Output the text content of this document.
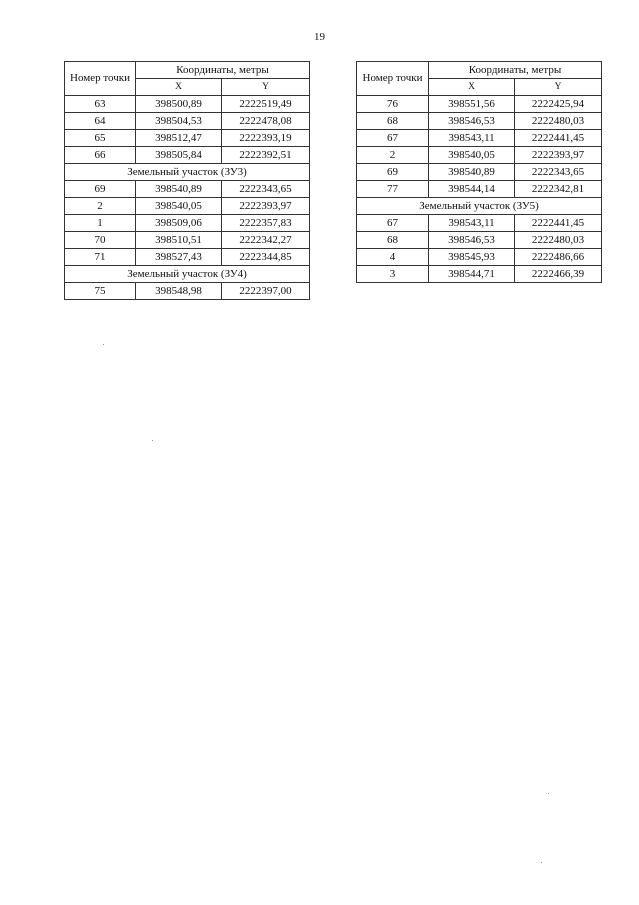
19
Номер точки	Координаты, метры	
	X	Y
63	398500,89	2222519,49
64	398504,53	2222478,08
65	398512,47	2222393,19
66	398505,84	2222392,51
Земельный участок (ЗУ3)		
69	398540,89	2222343,65
2	398540,05	2222393,97
1	398509,06	2222357,83
70	398510,51	2222342,27
71	398527,43	2222344,85
Земельный участок (ЗУ4)		
75	398548,98	2222397,00
Номер точки	Координаты, метры	
	X	Y
76	398551,56	2222425,94
68	398546,53	2222480,03
67	398543,11	2222441,45
2	398540,05	2222393,97
69	398540,89	2222343,65
77	398544,14	2222342,81
Земельный участок (ЗУ5)		
67	398543,11	2222441,45
68	398546,53	2222480,03
4	398545,93	2222486,66
3	398544,71	2222466,39
